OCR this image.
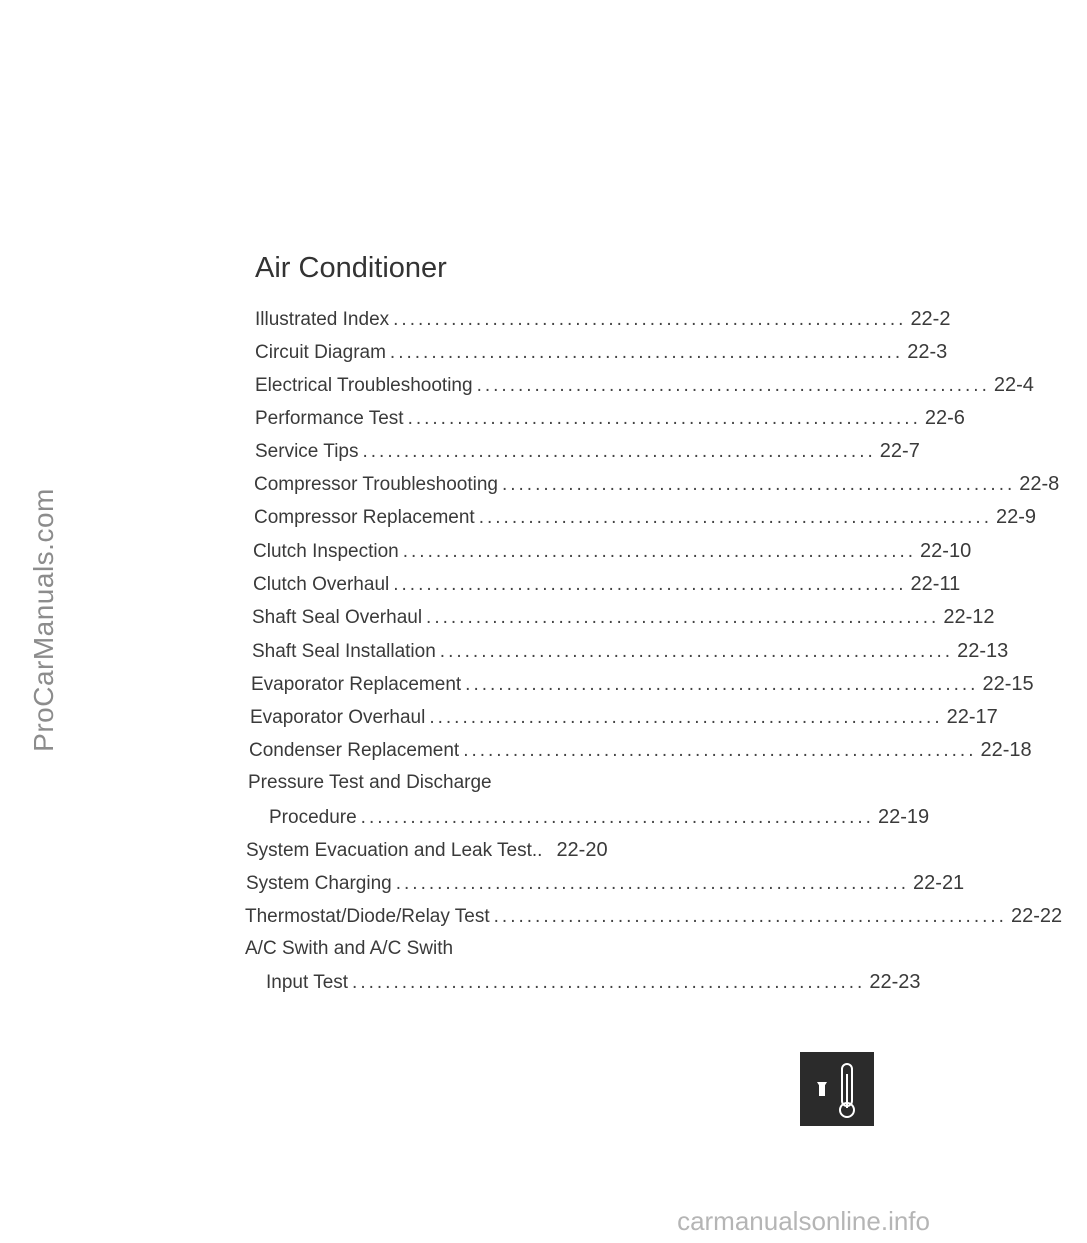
ProCarManuals.com
Air Conditioner
Illustrated Index .............................................................. 22-2
Circuit Diagram .............................................................. 22-3
Electrical Troubleshooting .............................................................. 22-4
Performance Test .............................................................. 22-6
Service Tips .............................................................. 22-7
Compressor Troubleshooting .............................................................. 22-8
Compressor Replacement .............................................................. 22-9
Clutch Inspection .............................................................. 22-10
Clutch Overhaul .............................................................. 22-11
Shaft Seal Overhaul .............................................................. 22-12
Shaft Seal Installation .............................................................. 22-13
Evaporator Replacement .............................................................. 22-15
Evaporator Overhaul .............................................................. 22-17
Condenser Replacement .............................................................. 22-18
Pressure Test and Discharge
Procedure .............................................................. 22-19
System Evacuation and Leak Test.. 22-20
System Charging .............................................................. 22-21
Thermostat/Diode/Relay Test .............................................................. 22-22
A/C Swith and A/C Swith
Input Test .............................................................. 22-23
carmanualsonline.info
